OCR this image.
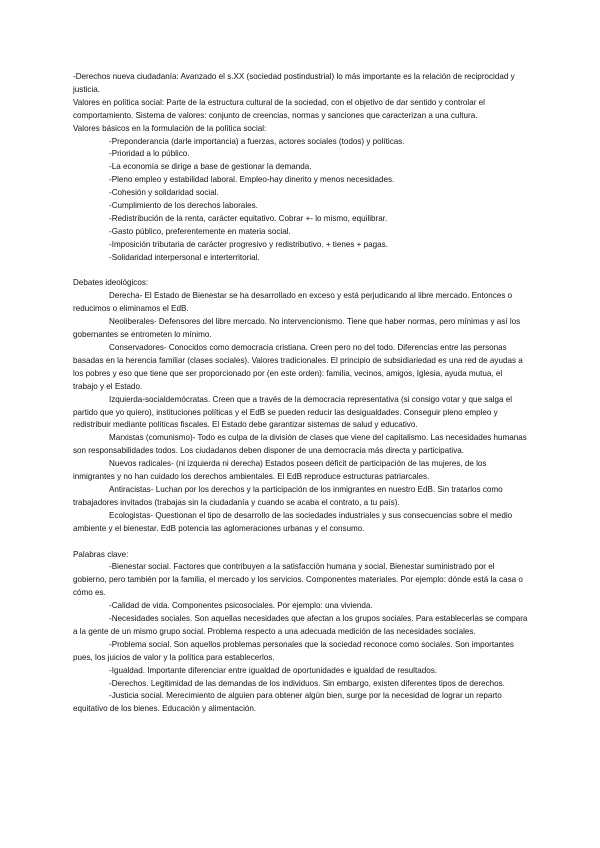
-Derechos nueva ciudadanía: Avanzado el s.XX (sociedad postindustrial) lo más importante es la relación de reciprocidad y justicia.

Valores en política social: Parte de la estructura cultural de la sociedad, con el objetivo de dar sentido y controlar el comportamiento. Sistema de valores: conjunto de creencias, normas y sanciones que caracterizan a una cultura.

Valores básicos en la formulación de la política social:

-Preponderancia (darle importancia) a fuerzas, actores sociales (todos) y políticas.
-Prioridad a lo público.
-La economía se dirige a base de gestionar la demanda.
-Pleno empleo y estabilidad laboral. Empleo-hay dinerito y menos necesidades.
-Cohesión y solidaridad social.
-Cumplimiento de los derechos laborales.
-Redistribución de la renta, carácter equitativo. Cobrar +- lo mismo, equilibrar.
-Gasto público, preferentemente en materia social.
-Imposición tributaria de carácter progresivo y redistributivo. + tienes + pagas.
-Solidaridad interpersonal e interterritorial.

Debates ideológicos:

Derecha- El Estado de Bienestar se ha desarrollado en exceso y está perjudicando al libre mercado. Entonces o reducimos o eliminamos el EdB.

Neoliberales- Defensores del libre mercado. No intervencionismo. Tiene que haber normas, pero mínimas y así los gobernantes se entrometen lo mínimo.

Conservadores- Conocidos como democracia cristiana. Creen pero no del todo. Diferencias entre las personas basadas en la herencia familiar (clases sociales). Valores tradicionales. El principio de subsidiariedad es una red de ayudas a los pobres y eso que tiene que ser proporcionado por (en este orden): familia, vecinos, amigos, Iglesia, ayuda mutua, el trabajo y el Estado.

Izquierda-socialdemócratas. Creen que a través de la democracia representativa (si consigo votar y que salga el partido que yo quiero), instituciones políticas y el EdB se pueden reducir las desigualdades. Conseguir pleno empleo y redistribuir mediante políticas fiscales. El Estado debe garantizar sistemas de salud y educativo.

Marxistas (comunismo)- Todo es culpa de la división de clases que viene del capitalismo. Las necesidades humanas son responsabilidades todos. Los ciudadanos deben disponer de una democracia más directa y participativa.

Nuevos radicales- (ni izquierda ni derecha) Estados poseen déficit de participación de las mujeres, de los inmigrantes y no han cuidado los derechos ambientales. El EdB reproduce estructuras patriarcales.

Antiracistas- Luchan por los derechos y la participación de los inmigrantes en nuestro EdB. Sin tratarlos como trabajadores invitados (trabajas sin la ciudadanía y cuando se acaba el contrato, a tu país).

Ecologistas- Questionan el tipo de desarrollo de las sociedades industriales y sus consecuencias sobre el medio ambiente y el bienestar. EdB potencia las aglomeraciones urbanas y el consumo.

Palabras clave:

-Bienestar social. Factores que contribuyen a la satisfacción humana y social. Bienestar suministrado por el gobierno, pero también por la familia, el mercado y los servicios. Componentes materiales. Por ejemplo: dónde está la casa o cómo es.

-Calidad de vida. Componentes psicosociales. Por ejemplo: una vivienda.

-Necesidades sociales. Son aquellas necesidades que afectan a los grupos sociales. Para establecerlas se compara a la gente de un mismo grupo social. Problema respecto a una adecuada medición de las necesidades sociales.

-Problema social. Son aquellos problemas personales que la sociedad reconoce como sociales. Son importantes pues, los juicios de valor y la política para establecerlos.

-Igualdad. Importante diferenciar entre igualdad de oportunidades e igualdad de resultados.

-Derechos. Legitimidad de las demandas de los individuos. Sin embargo, existen diferentes tipos de derechos.

-Justicia social. Merecimiento de alguien para obtener algún bien, surge por la necesidad de lograr un reparto equitativo de los bienes. Educación y alimentación.
